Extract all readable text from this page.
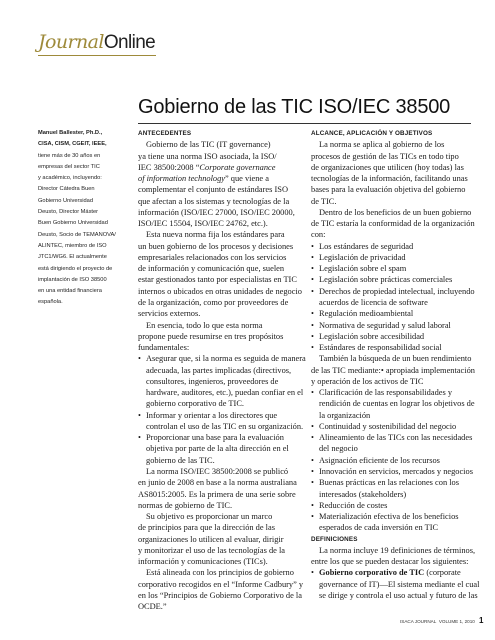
JournalOnline
Gobierno de las TIC ISO/IEC 38500
Manuel Ballester, Ph.D.,
CISA, CISM, CGEIT, IEEE,
tiene más de 30 años en
empresas del sector TIC
y académico, incluyendo:
Director Cátedra Buen
Gobierno Universidad
Deusto, Director Máster
Buen Gobierno Universidad
Deusto, Socio de TEMANOVA/
ALINTEC, miembro de ISO
JTC1/WG6. El actualmente
está dirigiendo el proyecto de
implantación de ISO 38500
en una entidad financiera
española.
ANTECEDENTES
Gobierno de las TIC (IT governance)
ya tiene una norma ISO asociada, la ISO/
IEC 38500:2008 “Corporate governance
of information technology” que viene a
complementar el conjunto de estándares ISO
que afectan a los sistemas y tecnologías de la
información (ISO/IEC 27000, ISO/IEC 20000,
ISO/IEC 15504, ISO/IEC 24762, etc.).
Esta nueva norma fija los estándares para
un buen gobierno de los procesos y decisiones
empresariales relacionados con los servicios
de información y comunicación que, suelen
estar gestionados tanto por especialistas en TIC
internos o ubicados en otras unidades de negocio
de la organización, como por proveedores de
servicios externos.
En esencia, todo lo que esta norma
propone puede resumirse en tres propósitos
fundamentales:
• Asegurar que, si la norma es seguida de manera
adecuada, las partes implicadas (directivos,
consultores, ingenieros, proveedores de
hardware, auditores, etc.), puedan confiar en el
gobierno corporativo de TIC.
• Informar y orientar a los directores que
controlan el uso de las TIC en su organización.
• Proporcionar una base para la evaluación
objetiva por parte de la alta dirección en el
gobierno de las TIC.
La norma ISO/IEC 38500:2008 se publicó
en junio de 2008 en base a la norma australiana
AS8015:2005. Es la primera de una serie sobre
normas de gobierno de TIC.
Su objetivo es proporcionar un marco
de principios para que la dirección de las
organizaciones lo utilicen al evaluar, dirigir
y monitorizar el uso de las tecnologías de la
información y comunicaciones (TICs).
Está alineada con los principios de gobierno
corporativo recogidos en el “Informe Cadbury” y
en los “Principios de Gobierno Corporativo de la
OCDE.”
ALCANCE, APLICACIÓN Y OBJETIVOS
La norma se aplica al gobierno de los
procesos de gestión de las TICs en todo tipo
de organizaciones que utilicen (hoy todas) las
tecnologías de la información, facilitando unas
bases para la evaluación objetiva del gobierno
de TIC.
Dentro de los beneficios de un buen gobierno
de TIC estaría la conformidad de la organización
con:
• Los estándares de seguridad
• Legislación de privacidad
• Legislación sobre el spam
• Legislación sobre prácticas comerciales
• Derechos de propiedad intelectual, incluyendo
acuerdos de licencia de software
• Regulación medioambiental
• Normativa de seguridad y salud laboral
• Legislación sobre accesibilidad
• Estándares de responsabilidad social
También la búsqueda de un buen rendimiento
de las TIC mediante:• apropiada implementación
y operación de los activos de TIC
• Clarificación de las responsabilidades y
rendición de cuentas en lograr los objetivos de
la organización
• Continuidad y sostenibilidad del negocio
• Alineamiento de las TICs con las necesidades
del negocio
• Asignación eficiente de los recursos
• Innovación en servicios, mercados y negocios
• Buenas prácticas en las relaciones con los
interesados (stakeholders)
• Reducción de costes
• Materialización efectiva de los beneficios
esperados de cada inversión en TIC
DEFINICIONES
La norma incluye 19 definiciones de términos,
entre los que se pueden destacar los siguientes:
• Gobierno corporativo de TIC (corporate
governance of IT)—El sistema mediante el cual
se dirige y controla el uso actual y futuro de las
ISACA JOURNAL VOLUME 1, 2010 1
